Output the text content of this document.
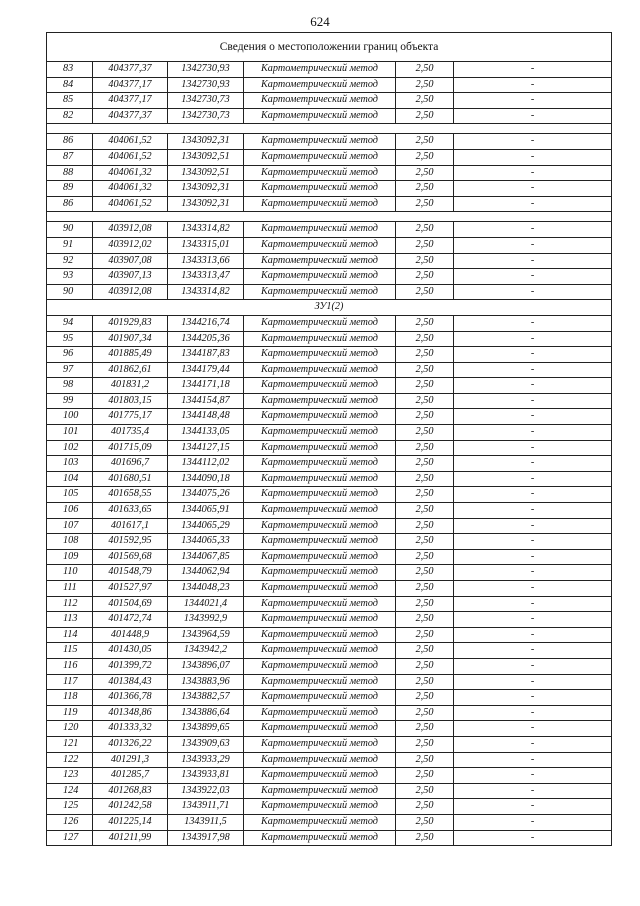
624
Сведения о местоположении границ объекта					
83	404377,37	1342730,93	Картометрический метод	2,50	-
84	404377,17	1342730,93	Картометрический метод	2,50	-
85	404377,17	1342730,73	Картометрический метод	2,50	-
82	404377,37	1342730,73	Картометрический метод	2,50	-

86	404061,52	1343092,31	Картометрический метод	2,50	-
87	404061,52	1343092,51	Картометрический метод	2,50	-
88	404061,32	1343092,51	Картометрический метод	2,50	-
89	404061,32	1343092,31	Картометрический метод	2,50	-
86	404061,52	1343092,31	Картометрический метод	2,50	-

90	403912,08	1343314,82	Картометрический метод	2,50	-
91	403912,02	1343315,01	Картометрический метод	2,50	-
92	403907,08	1343313,66	Картометрический метод	2,50	-
93	403907,13	1343313,47	Картометрический метод	2,50	-
90	403912,08	1343314,82	Картометрический метод	2,50	-
ЗУ1(2)					
94	401929,83	1344216,74	Картометрический метод	2,50	-
95	401907,34	1344205,36	Картометрический метод	2,50	-
96	401885,49	1344187,83	Картометрический метод	2,50	-
97	401862,61	1344179,44	Картометрический метод	2,50	-
98	401831,2	1344171,18	Картометрический метод	2,50	-
99	401803,15	1344154,87	Картометрический метод	2,50	-
100	401775,17	1344148,48	Картометрический метод	2,50	-
101	401735,4	1344133,05	Картометрический метод	2,50	-
102	401715,09	1344127,15	Картометрический метод	2,50	-
103	401696,7	1344112,02	Картометрический метод	2,50	-
104	401680,51	1344090,18	Картометрический метод	2,50	-
105	401658,55	1344075,26	Картометрический метод	2,50	-
106	401633,65	1344065,91	Картометрический метод	2,50	-
107	401617,1	1344065,29	Картометрический метод	2,50	-
108	401592,95	1344065,33	Картометрический метод	2,50	-
109	401569,68	1344067,85	Картометрический метод	2,50	-
110	401548,79	1344062,94	Картометрический метод	2,50	-
111	401527,97	1344048,23	Картометрический метод	2,50	-
112	401504,69	1344021,4	Картометрический метод	2,50	-
113	401472,74	1343992,9	Картометрический метод	2,50	-
114	401448,9	1343964,59	Картометрический метод	2,50	-
115	401430,05	1343942,2	Картометрический метод	2,50	-
116	401399,72	1343896,07	Картометрический метод	2,50	-
117	401384,43	1343883,96	Картометрический метод	2,50	-
118	401366,78	1343882,57	Картометрический метод	2,50	-
119	401348,86	1343886,64	Картометрический метод	2,50	-
120	401333,32	1343899,65	Картометрический метод	2,50	-
121	401326,22	1343909,63	Картометрический метод	2,50	-
122	401291,3	1343933,29	Картометрический метод	2,50	-
123	401285,7	1343933,81	Картометрический метод	2,50	-
124	401268,83	1343922,03	Картометрический метод	2,50	-
125	401242,58	1343911,71	Картометрический метод	2,50	-
126	401225,14	1343911,5	Картометрический метод	2,50	-
127	401211,99	1343917,98	Картометрический метод	2,50	-
